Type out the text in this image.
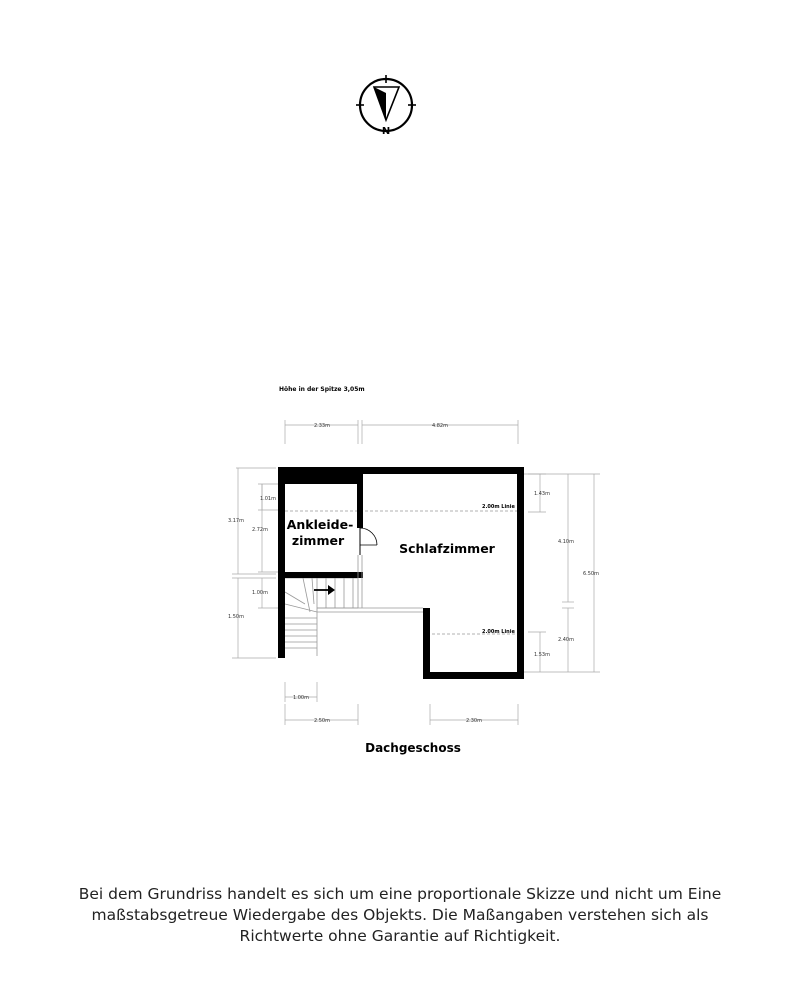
N
Höhe in der Spitze 3,05m
2.33m	4.82m
3.17m
1.01m
2.72m
1.00m
1.50m
1.43m
4.10m
6.50m
2.40m
1.53m
1.00m
2.50m	2.30m
2.00m Linie
2.00m Linie
Ankleide-
zimmer
Schlafzimmer
Dachgeschoss
Bei dem Grundriss handelt es sich um eine proportionale Skizze und nicht um Eine
maßstabsgetreue Wiedergabe des Objekts. Die Maßangaben verstehen sich als
Richtwerte ohne Garantie auf Richtigkeit.
